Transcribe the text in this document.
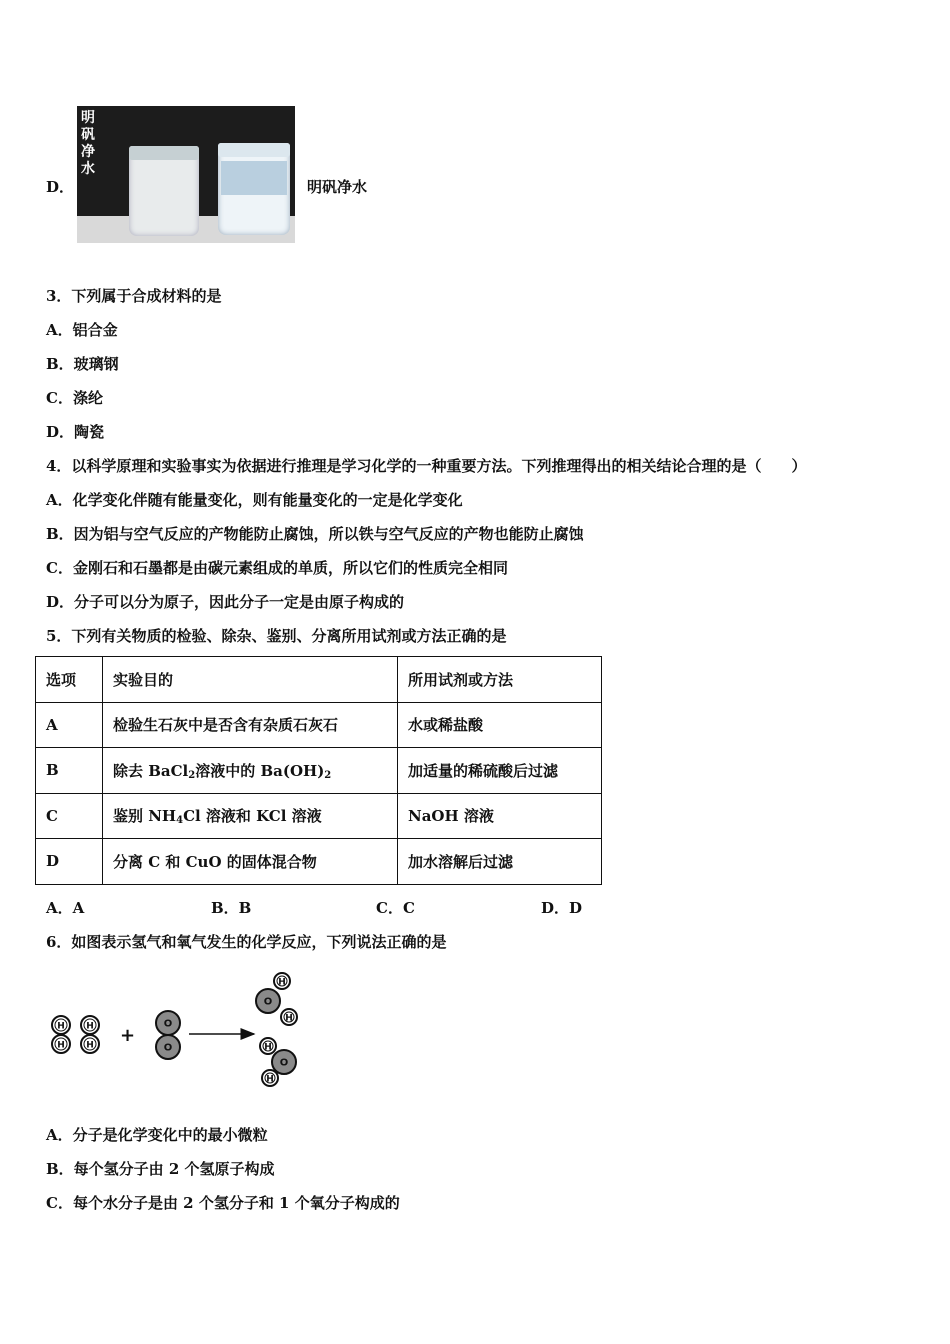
D．
明矾净水
明矾净水
3．下列属于合成材料的是
A．铝合金
B．玻璃钢
C．涤纶
D．陶瓷
4．以科学原理和实验事实为依据进行推理是学习化学的一种重要方法。下列推理得出的相关结论合理的是（　　）
A．化学变化伴随有能量变化，则有能量变化的一定是化学变化
B．因为铝与空气反应的产物能防止腐蚀，所以铁与空气反应的产物也能防止腐蚀
C．金刚石和石墨都是由碳元素组成的单质，所以它们的性质完全相同
D．分子可以分为原子，因此分子一定是由原子构成的
5．下列有关物质的检验、除杂、鉴别、分离所用试剂或方法正确的是
选项	实验目的	所用试剂或方法
A	检验生石灰中是否含有杂质石灰石	水或稀盐酸
B	除去 BaCl$_2$溶液中的 $Ba(OH)_2$	加适量的稀硫酸后过滤
C	鉴别 $NH_4Cl$ 溶液和 KCl 溶液	NaOH 溶液
D	分离 C 和 CuO 的固体混合物	加水溶解后过滤
A．A	B．B	C．C	D．D
6．如图表示氢气和氧气发生的化学反应，下列说法正确的是
H
H
H
H
O
O
H
O
H
H
O
H
+
A．分子是化学变化中的最小微粒
B．每个氢分子由 2 个氢原子构成
C．每个水分子是由 2 个氢分子和 1 个氧分子构成的
